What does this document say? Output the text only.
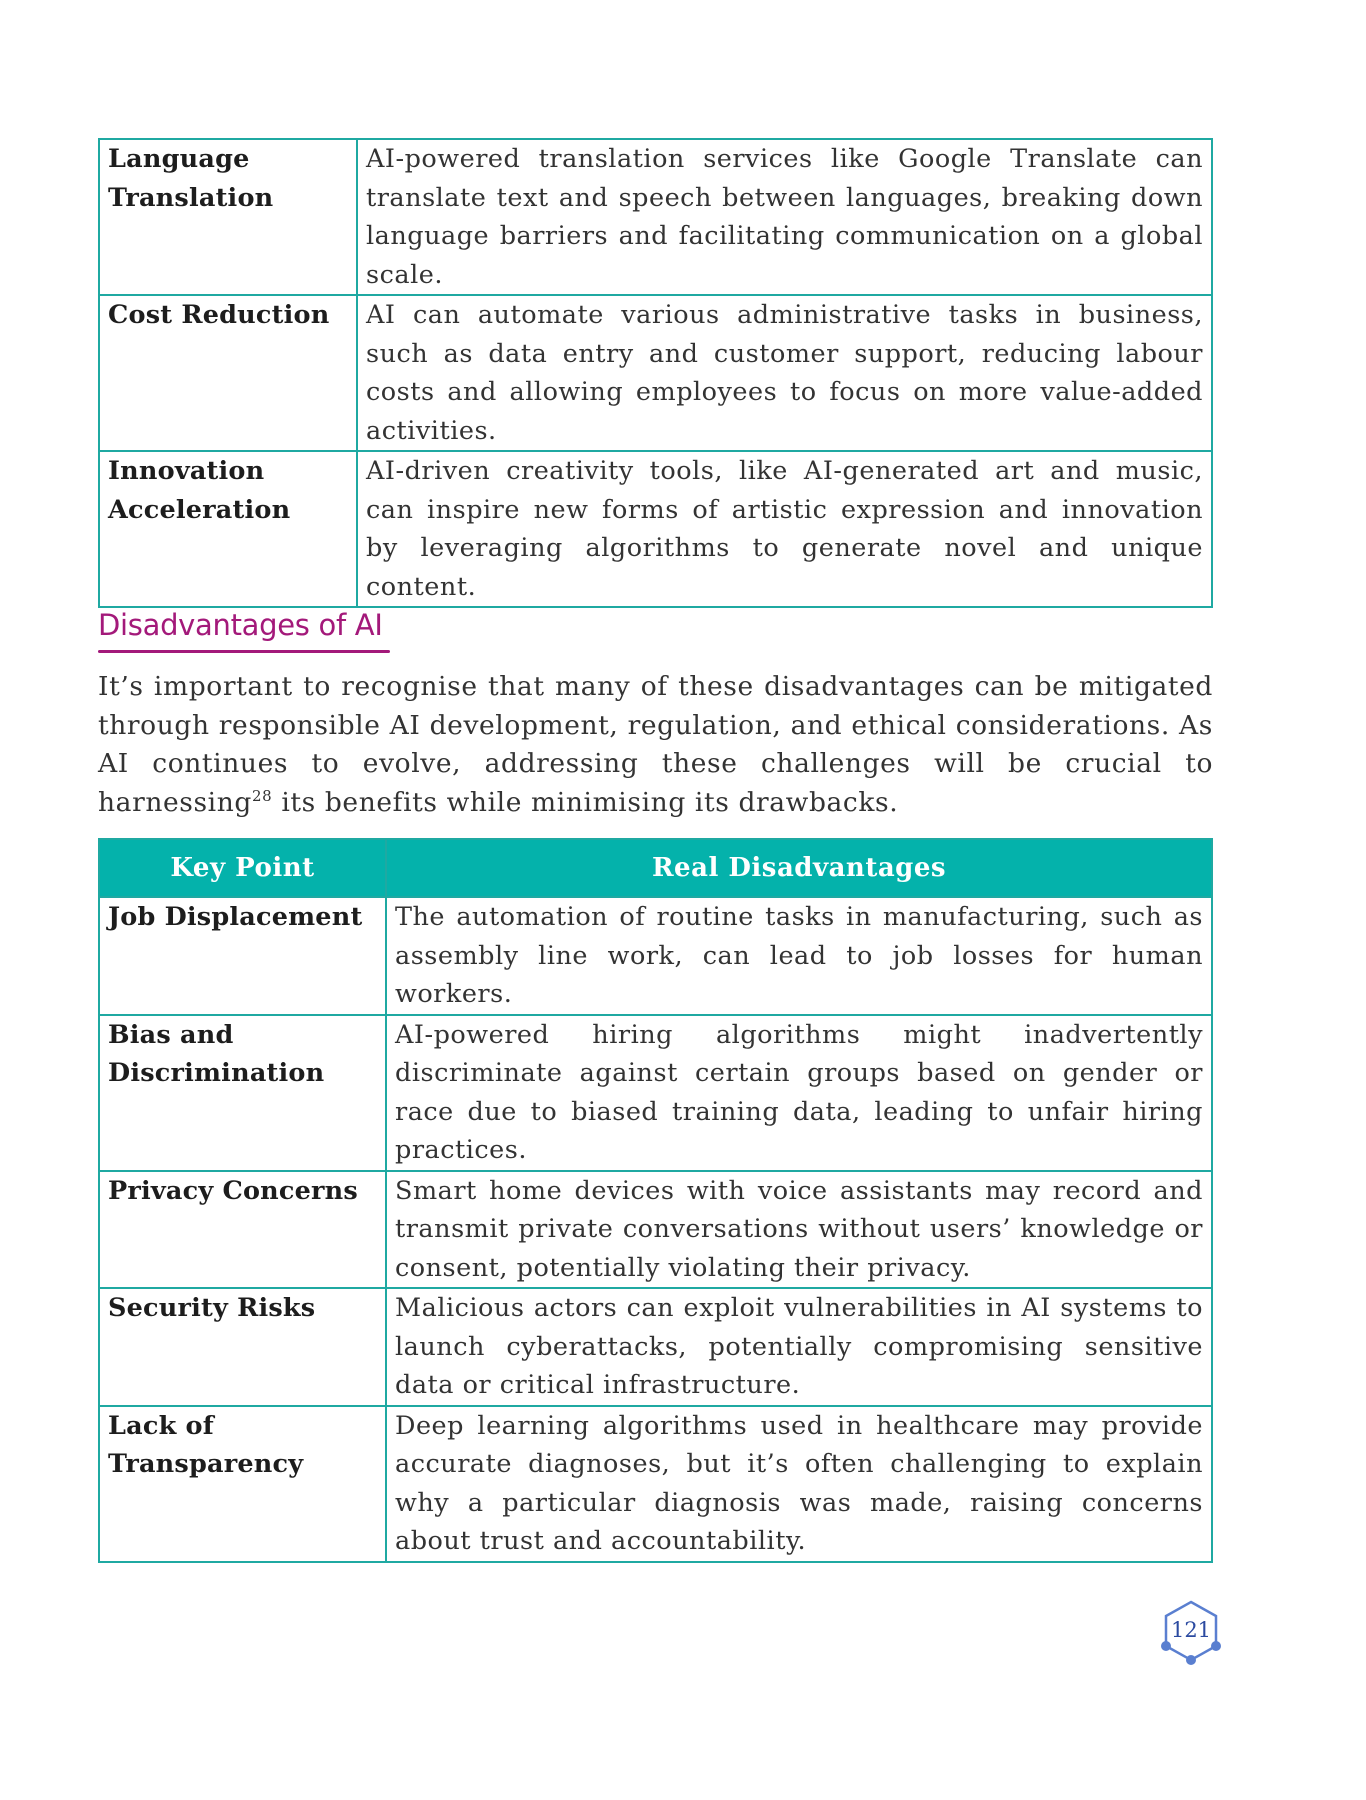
Language Translation	AI-powered translation services like Google Translate can translate text and speech between languages, breaking down language barriers and facilitating communication on a global scale.
Cost Reduction	AI can automate various administrative tasks in business, such as data entry and customer support, reducing labour costs and allowing employees to focus on more value-added activities.
Innovation Acceleration	AI-driven creativity tools, like AI-generated art and music, can inspire new forms of artistic expression and innovation by leveraging algorithms to generate novel and unique content.
Disadvantages of AI

It’s important to recognise that many of these disadvantages can be mitigated through responsible AI development, regulation, and ethical considerations. As AI continues to evolve, addressing these challenges will be crucial to harnessing$^{28}$ its benefits while minimising its drawbacks.

Key Point	Real Disadvantages
Job Displacement	The automation of routine tasks in manufacturing, such as assembly line work, can lead to job losses for human workers.
Bias and Discrimination	AI-powered hiring algorithms might inadvertently discriminate against certain groups based on gender or race due to biased training data, leading to unfair hiring practices.
Privacy Concerns	Smart home devices with voice assistants may record and transmit private conversations without users’ knowledge or consent, potentially violating their privacy.
Security Risks	Malicious actors can exploit vulnerabilities in AI systems to launch cyberattacks, potentially compromising sensitive data or critical infrastructure.
Lack of Transparency	Deep learning algorithms used in healthcare may provide accurate diagnoses, but it’s often challenging to explain why a particular diagnosis was made, raising concerns about trust and accountability.
121
